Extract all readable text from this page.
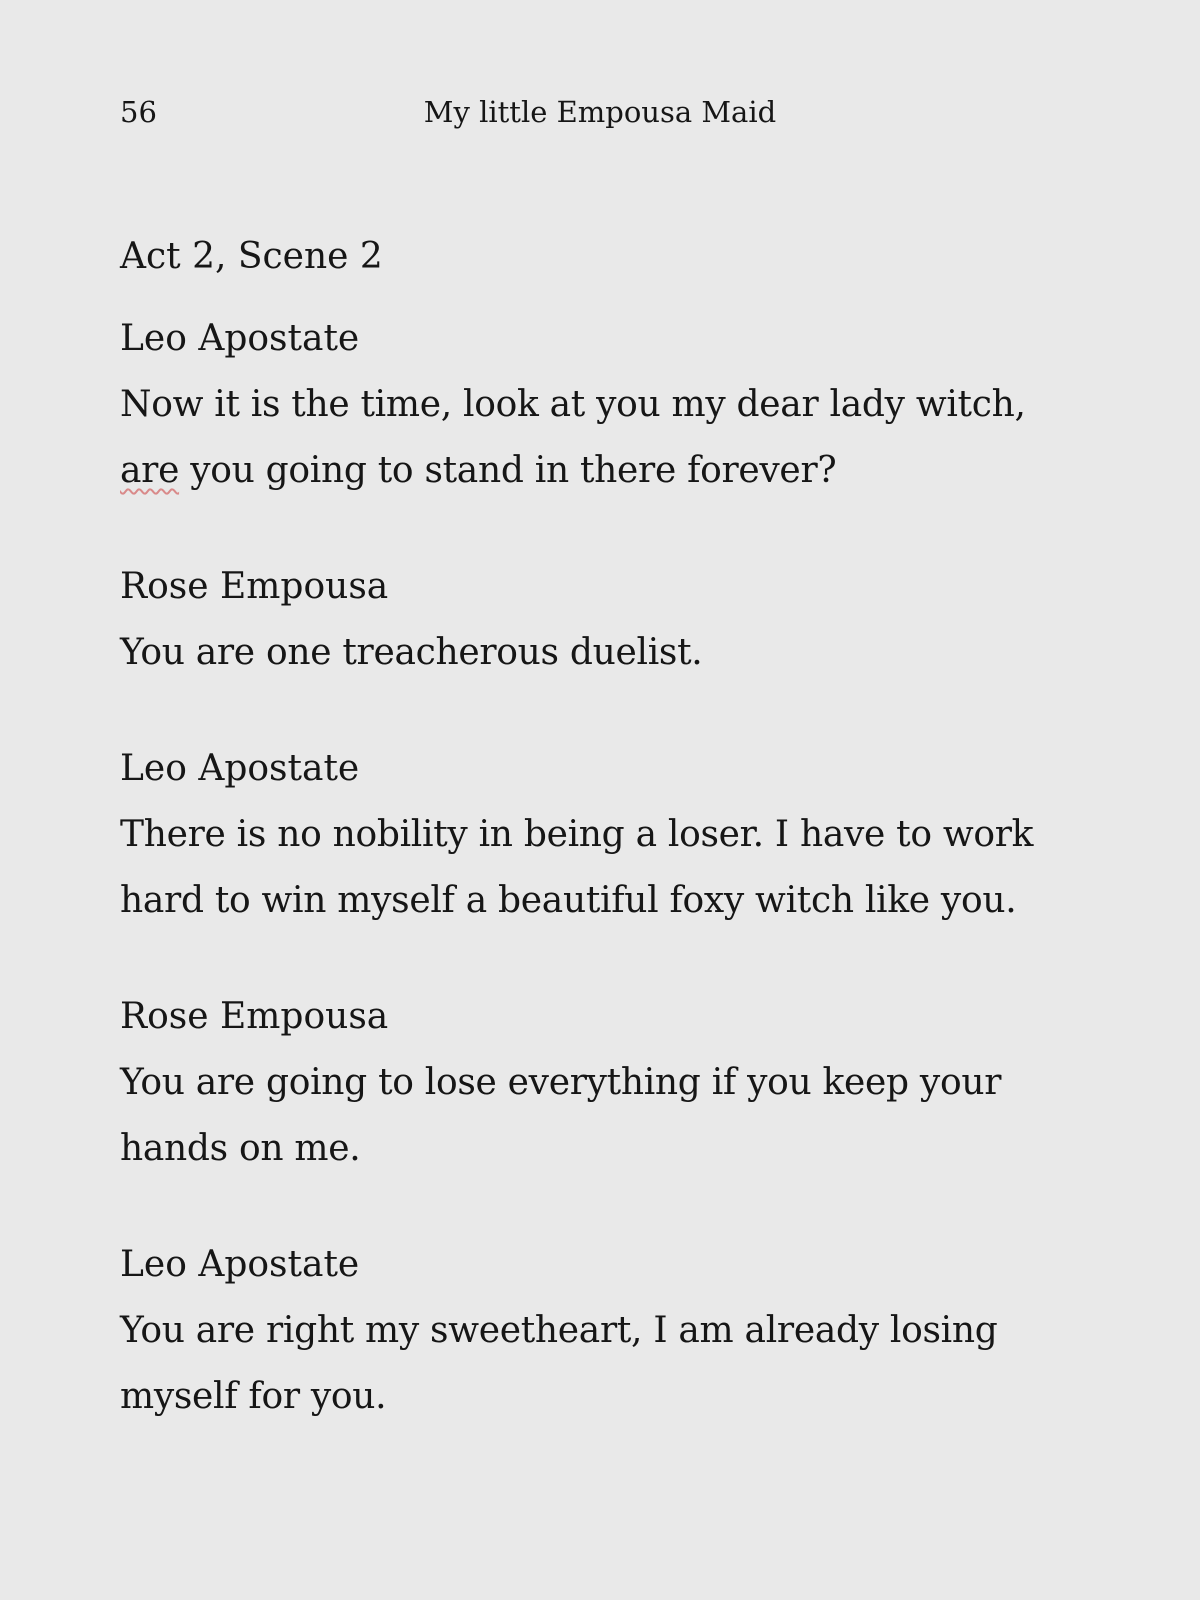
56	My little Empousa Maid
Act 2, Scene 2
Leo Apostate
Now it is the time, look at you my dear lady witch, are you going to stand in there forever?
Rose Empousa
You are one treacherous duelist.
Leo Apostate
There is no nobility in being a loser. I have to work hard to win myself a beautiful foxy witch like you.
Rose Empousa
You are going to lose everything if you keep your hands on me.
Leo Apostate
You are right my sweetheart, I am already losing myself for you.
